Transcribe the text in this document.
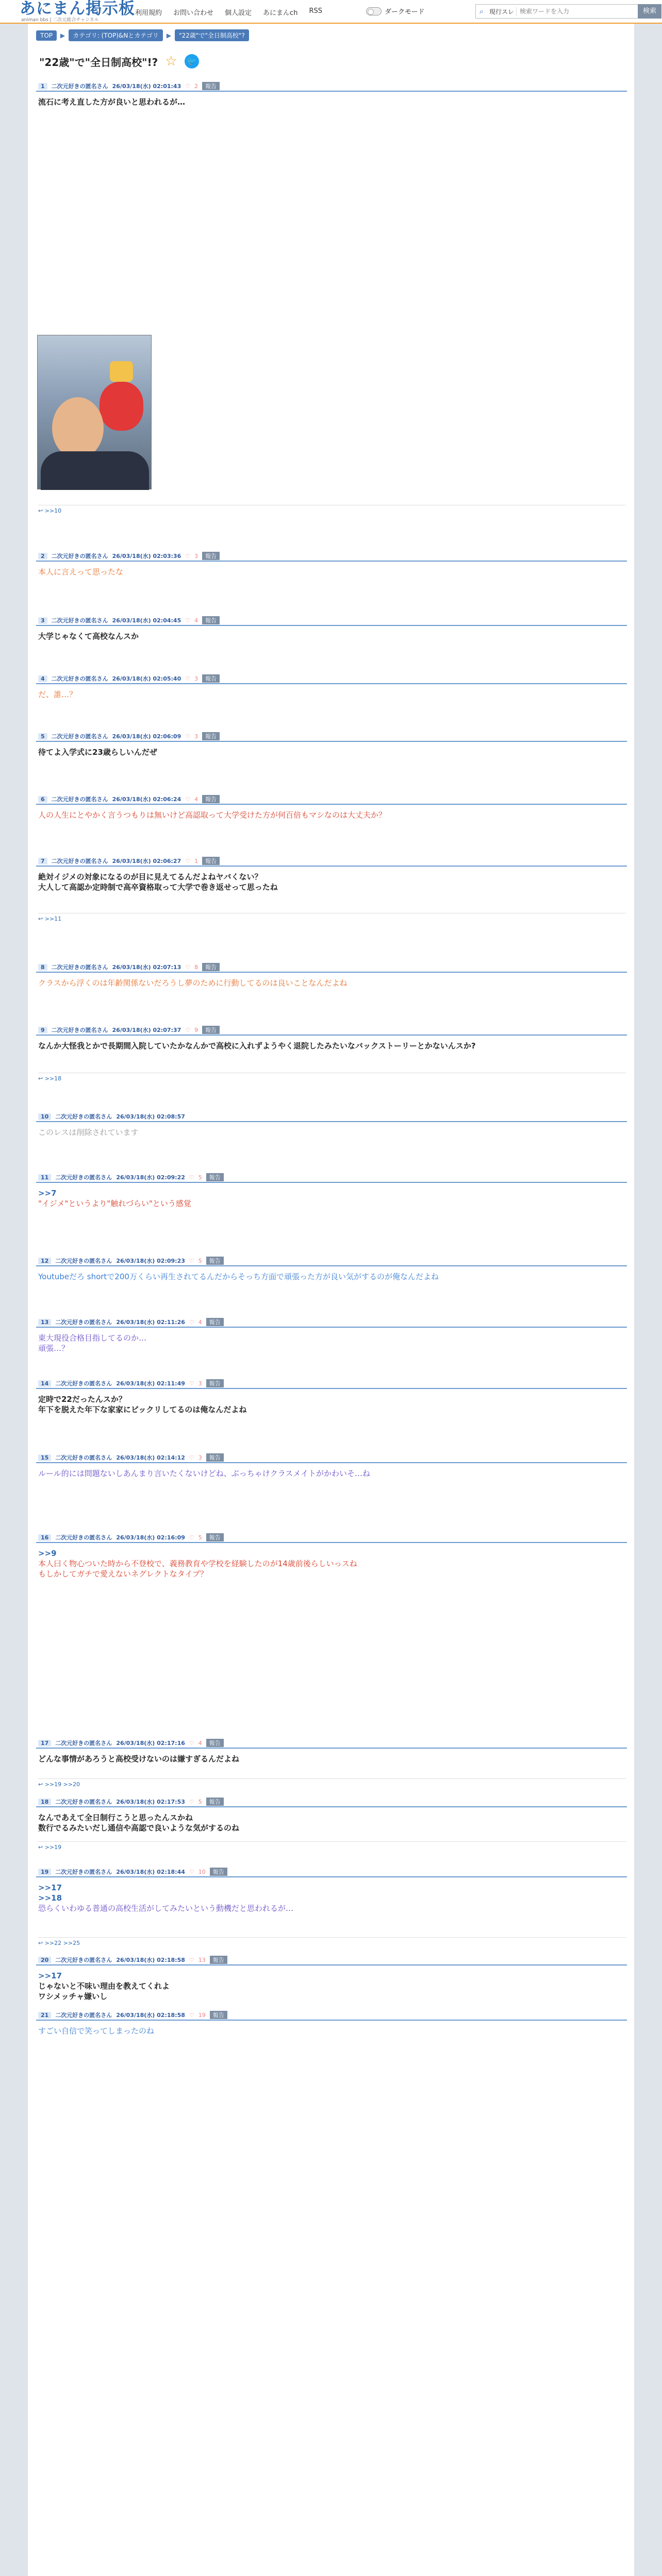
あにまん掲示板
animan bbs | 二次元総合チャンネル
利用規約 お問い合わせ 個人設定 あにまんch RSS	ダークモード	⌕ 現行スレ
検索ワードを入力	検索
TOP	▶	カテゴリ: (TOP)&Nとカテゴリ	▶	"22歳"で"全日制高校"?
"22歳"で"全日制高校"!? ☆ 🐦
1	二次元好きの匿名さん 26/03/18(水) 02:01:43 ♡ 2	報告
流石に考え直した方が良いと思われるが…
↩ >>10
2	二次元好きの匿名さん 26/03/18(水) 02:03:36 ♡ 3	報告
本人に言えって思ったな
3	二次元好きの匿名さん 26/03/18(水) 02:04:45 ♡ 4	報告
大学じゃなくて高校なんスか
4	二次元好きの匿名さん 26/03/18(水) 02:05:40 ♡ 3	報告
だ、誰…？
5	二次元好きの匿名さん 26/03/18(水) 02:06:09 ♡ 3	報告
待てよ入学式に23歳らしいんだぜ
6	二次元好きの匿名さん 26/03/18(水) 02:06:24 ♡ 4	報告
人の人生にとやかく言うつもりは無いけど高認取って大学受けた方が何百倍もマシなのは大丈夫か？
7	二次元好きの匿名さん 26/03/18(水) 02:06:27 ♡ 1	報告
絶対イジメの対象になるのが目に見えてるんだよねヤバくない？
大人して高認か定時制で高卒資格取って大学で巻き返せって思ったね
↩ >>11
8	二次元好きの匿名さん 26/03/18(水) 02:07:13 ♡ 8	報告
クラスから浮くのは年齢関係ないだろうし夢のために行動してるのは良いことなんだよね
9	二次元好きの匿名さん 26/03/18(水) 02:07:37 ♡ 9	報告
なんか大怪我とかで長期間入院していたかなんかで高校に入れずようやく退院したみたいなバックストーリーとかないんスか?
↩ >>18
10	二次元好きの匿名さん 26/03/18(水) 02:08:57
このレスは削除されています
11	二次元好きの匿名さん 26/03/18(水) 02:09:22 ♡ 5	報告
>>7
"イジメ"というより"触れづらい"という感覚
12	二次元好きの匿名さん 26/03/18(水) 02:09:23 ♡ 5	報告
Youtubeだろ shortで200万くらい再生されてるんだからそっち方面で頑張った方が良い気がするのが俺なんだよね
13	二次元好きの匿名さん 26/03/18(水) 02:11:26 ♡ 4	報告
東大現役合格目指してるのか…
頑張…？
14	二次元好きの匿名さん 26/03/18(水) 02:11:49 ♡ 3	報告
定時で22だったんスか？
年下を脱えた年下な家家にビックリしてるのは俺なんだよね
15	二次元好きの匿名さん 26/03/18(水) 02:14:12 ♡ 3	報告
ルール的には問題ないしあんまり言いたくないけどね、ぶっちゃけクラスメイトがかわいそ…ね
16	二次元好きの匿名さん 26/03/18(水) 02:16:09 ♡ 5	報告
>>9
本人曰く物心ついた時から不登校で、義務教育や学校を経験したのが14歳前後らしいっスね
もしかしてガチで愛えないネグレクトなタイプ？
17	二次元好きの匿名さん 26/03/18(水) 02:17:16 ♡ 4	報告
どんな事情があろうと高校受けないのは嫌すぎるんだよね
↩ >>19 >>20
18	二次元好きの匿名さん 26/03/18(水) 02:17:53 ♡ 5	報告
なんであえて全日制行こうと思ったんスかね
数行でるみたいだし通信や高認で良いような気がするのね
↩ >>19
19	二次元好きの匿名さん 26/03/18(水) 02:18:44 ♡ 10	報告
>>17
>>18
恐らくいわゆる普通の高校生活がしてみたいという動機だと思われるが…
↩ >>22 >>25
20	二次元好きの匿名さん 26/03/18(水) 02:18:58 ♡ 13	報告
>>17
じゃないと不味い理由を教えてくれよ
ワシメッチャ嫌いし
21	二次元好きの匿名さん 26/03/18(水) 02:18:58 ♡ 19	報告
すごい自信で笑ってしまったのね
